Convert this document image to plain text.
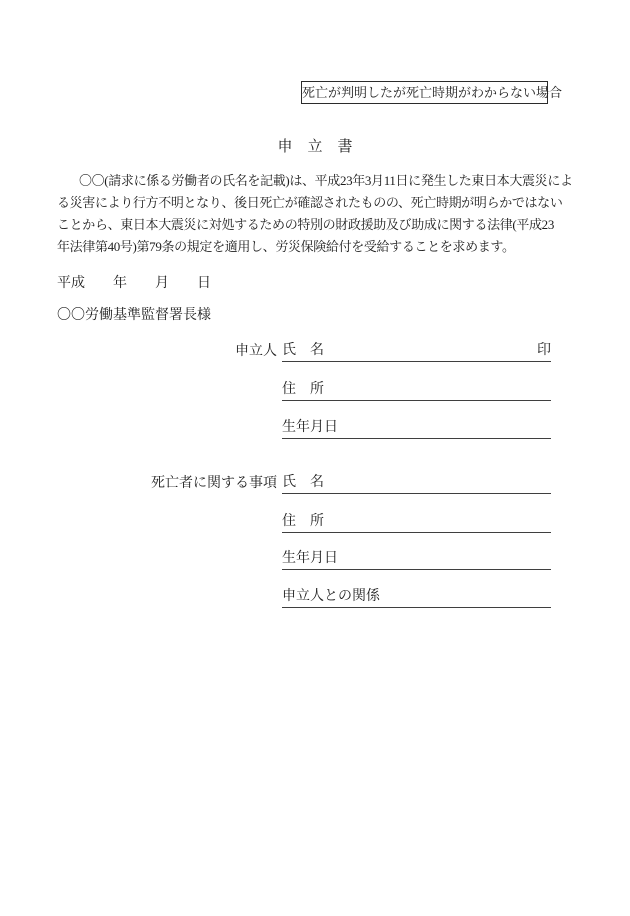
死亡が判明したが死亡時期がわからない場合
申　立　書
〇〇(請求に係る労働者の氏名を記載)は、平成23年3月11日に発生した東日本大震災によ
る災害により行方不明となり、後日死亡が確認されたものの、死亡時期が明らかではない
ことから、東日本大震災に対処するための特別の財政援助及び助成に関する法律(平成23
年法律第40号)第79条の規定を適用し、労災保険給付を受給することを求めます。
平成　　年　　月　　日
〇〇労働基準監督署長様
申立人 氏　名	印
住　所
生年月日
死亡者に関する事項 氏　名
住　所
生年月日
申立人との関係
